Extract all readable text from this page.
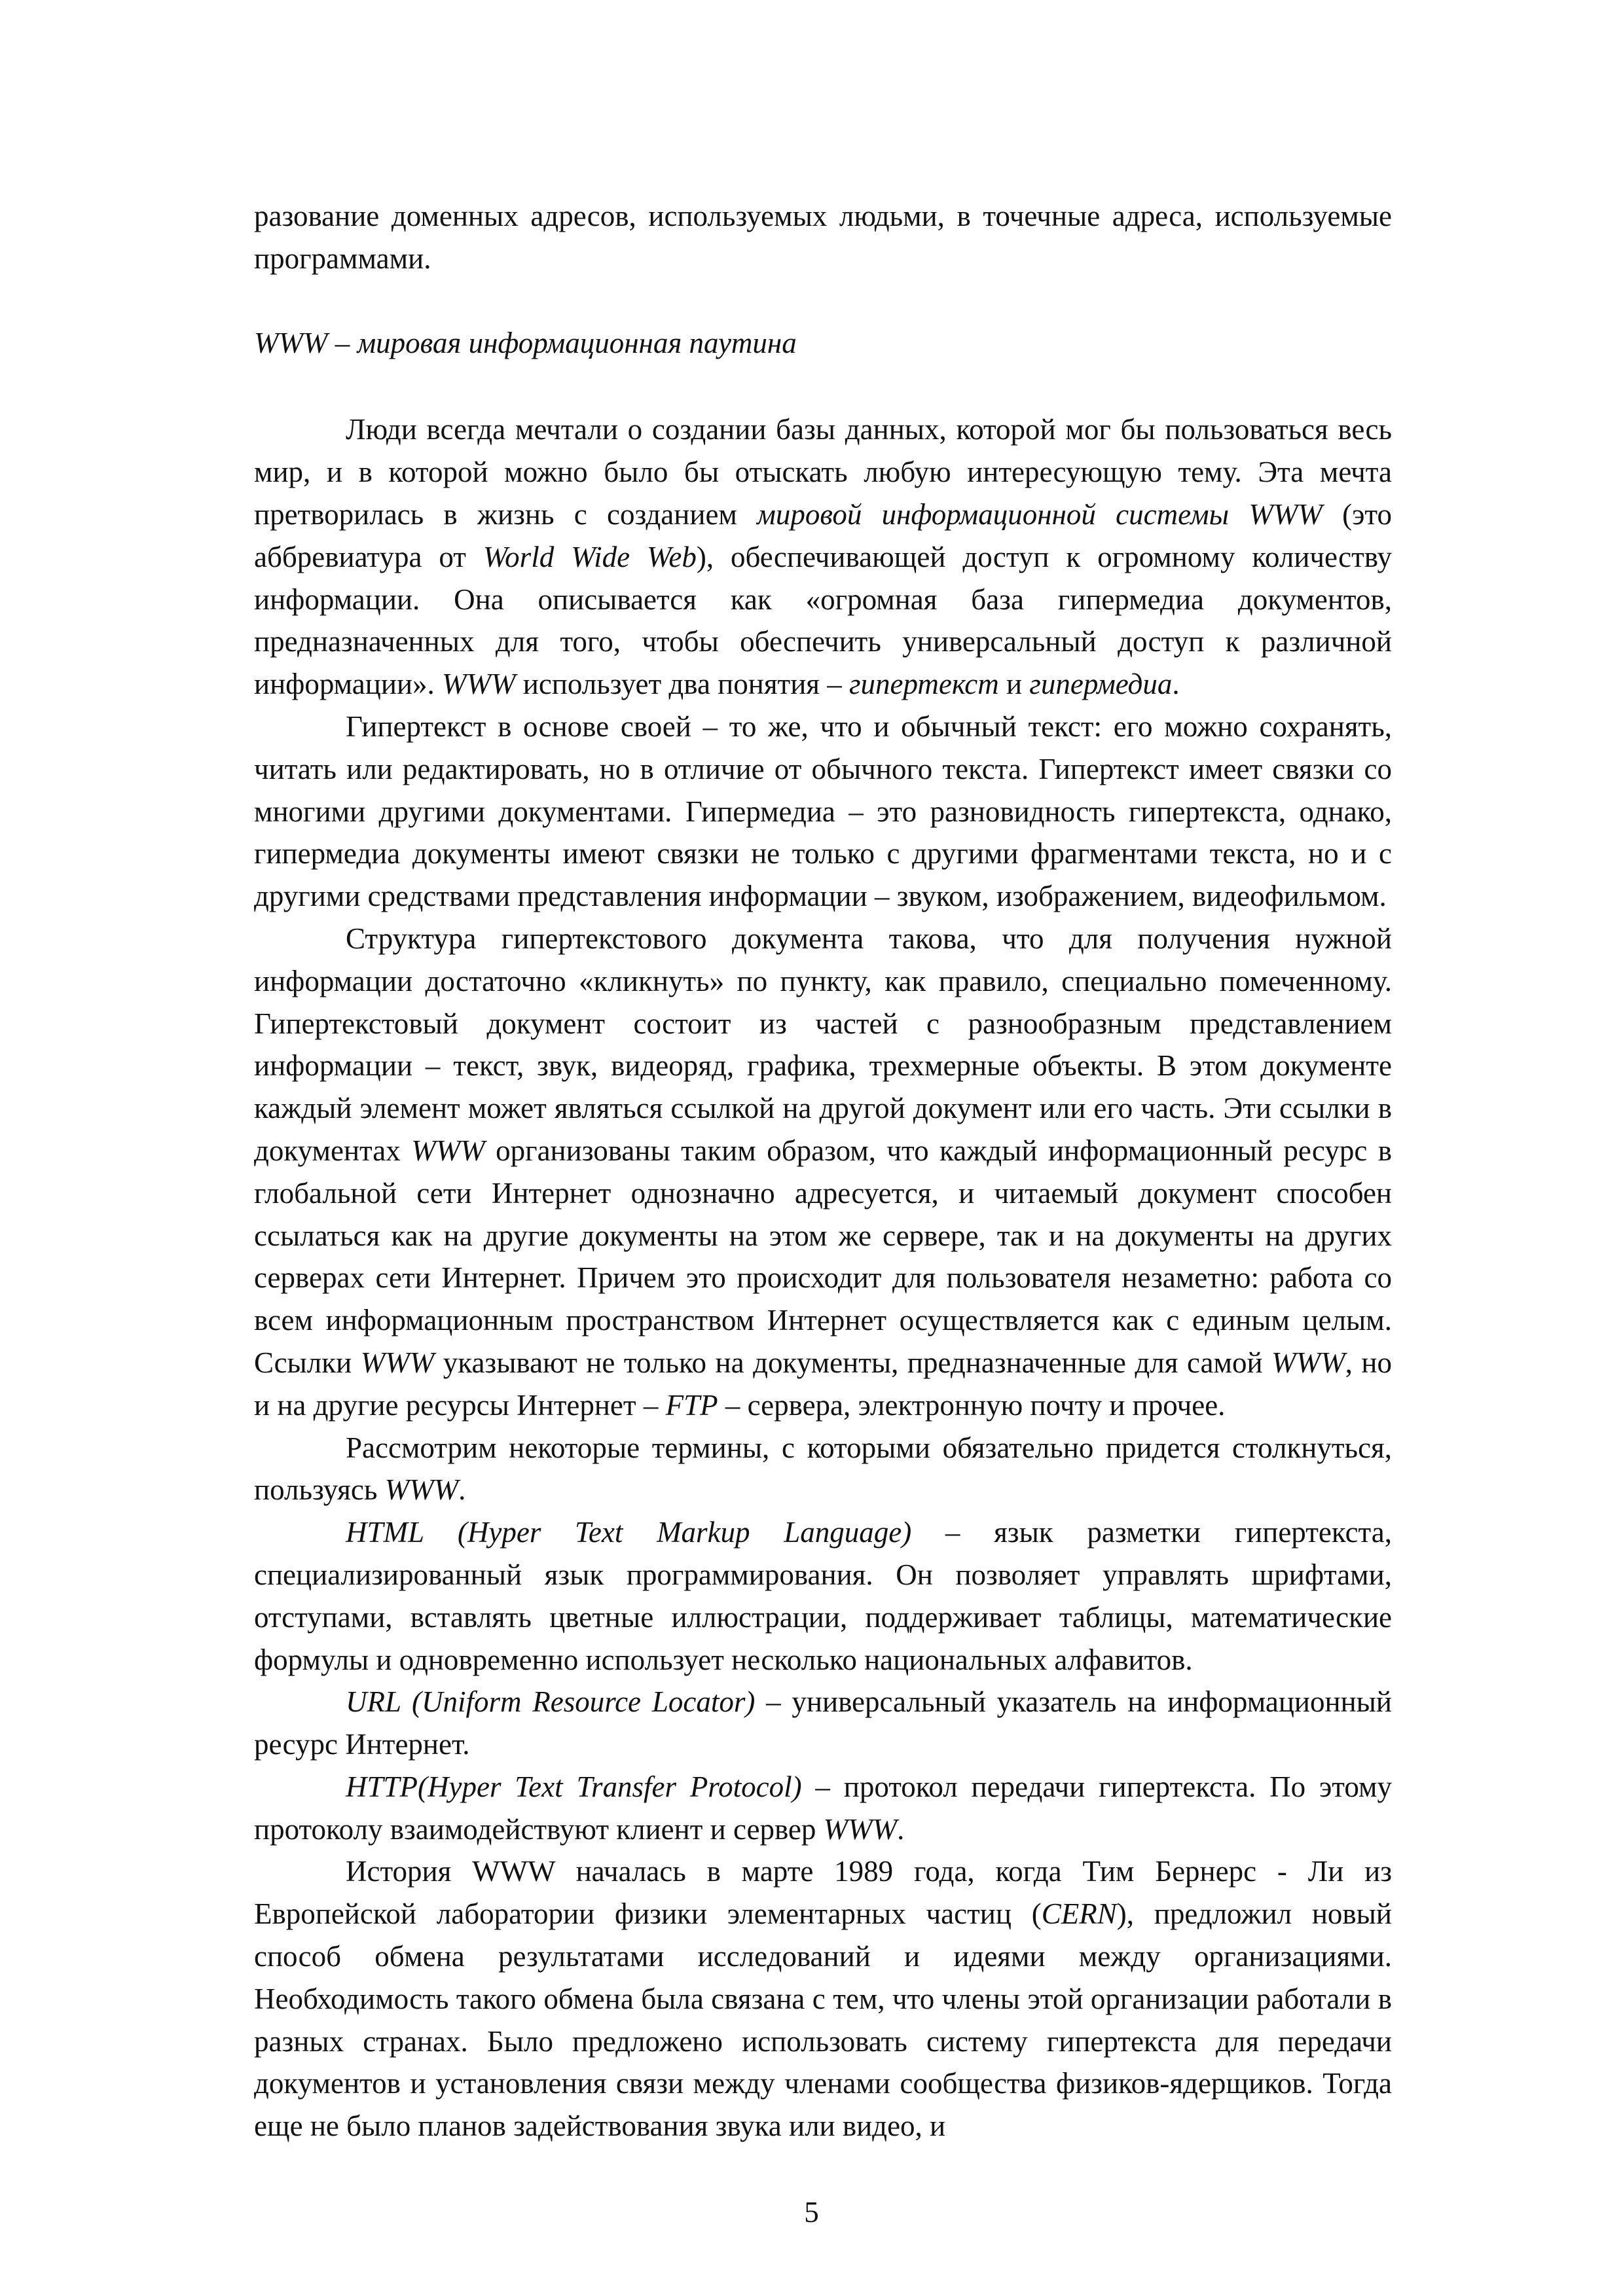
разование доменных адресов, используемых людьми, в точечные адреса, используемые программами.

WWW – мировая информационная паутина

Люди всегда мечтали о создании базы данных, которой мог бы пользоваться весь мир, и в которой можно было бы отыскать любую интересующую тему. Эта мечта претворилась в жизнь с созданием мировой информационной системы WWW (это аббревиатура от World Wide Web), обеспечивающей доступ к огромному количеству информации. Она описывается как «огромная база гипермедиа документов, предназначенных для того, чтобы обеспечить универсальный доступ к различной информации». WWW использует два понятия – гипертекст и гипермедиа.

Гипертекст в основе своей – то же, что и обычный текст: его можно сохранять, читать или редактировать, но в отличие от обычного текста. Гипертекст имеет связки со многими другими документами. Гипермедиа – это разновидность гипертекста, однако, гипермедиа документы имеют связки не только с другими фрагментами текста, но и с другими средствами представления информации – звуком, изображением, видеофильмом.

Структура гипертекстового документа такова, что для получения нужной информации достаточно «кликнуть» по пункту, как правило, специально помеченному. Гипертекстовый документ состоит из частей с разнообразным представлением информации – текст, звук, видеоряд, графика, трехмерные объекты. В этом документе каждый элемент может являться ссылкой на другой документ или его часть. Эти ссылки в документах WWW организованы таким образом, что каждый информационный ресурс в глобальной сети Интернет однозначно адресуется, и читаемый документ способен ссылаться как на другие документы на этом же сервере, так и на документы на других серверах сети Интернет. Причем это происходит для пользователя незаметно: работа со всем информационным пространством Интернет осуществляется как с единым целым. Ссылки WWW указывают не только на документы, предназначенные для самой WWW, но и на другие ресурсы Интернет – FTP – сервера, электронную почту и прочее.

Рассмотрим некоторые термины, с которыми обязательно придется столкнуться, пользуясь WWW.

HTML (Hyper Text Markup Language) – язык разметки гипертекста, специализированный язык программирования. Он позволяет управлять шрифтами, отступами, вставлять цветные иллюстрации, поддерживает таблицы, математические формулы и одновременно использует несколько национальных алфавитов.

URL (Uniform Resource Locator) – универсальный указатель на информационный ресурс Интернет.

HTTP(Hyper Text Transfer Protocol) – протокол передачи гипертекста. По этому протоколу взаимодействуют клиент и сервер WWW.

История WWW началась в марте 1989 года, когда Тим Бернерс - Ли из Европейской лаборатории физики элементарных частиц (CERN), предложил новый способ обмена результатами исследований и идеями между организациями. Необходимость такого обмена была связана с тем, что члены этой организации работали в разных странах. Было предложено использовать систему гипертекста для передачи документов и установления связи между членами сообщества физиков-ядерщиков. Тогда еще не было планов задействования звука или видео, и

5
